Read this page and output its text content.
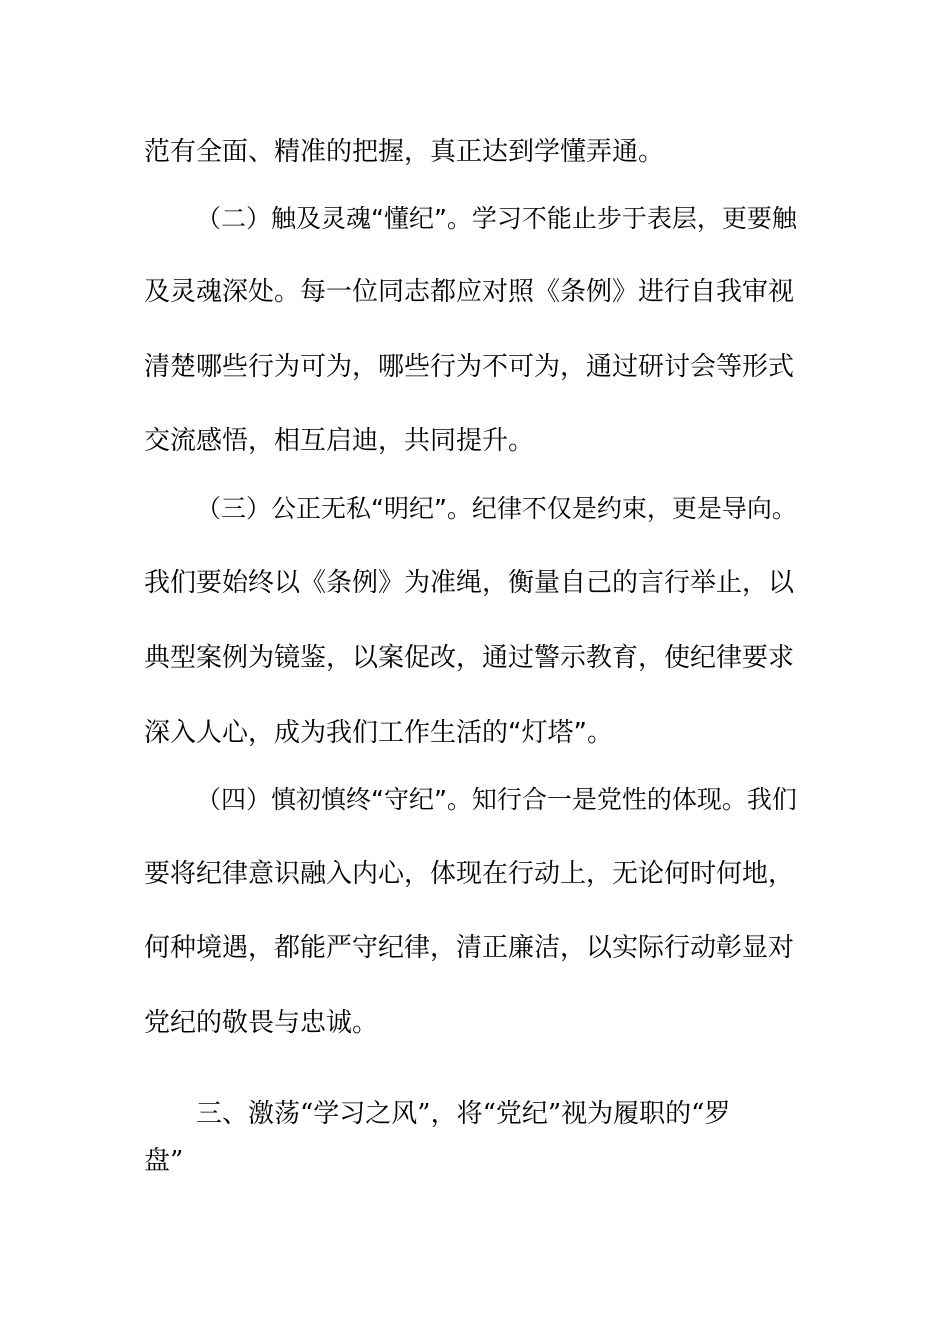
范有全面、精准的把握，真正达到学懂弄通。
（二）触及灵魂“懂纪”。学习不能止步于表层，更要触
及灵魂深处。每一位同志都应对照《条例》进行自我审视
清楚哪些行为可为，哪些行为不可为，通过研讨会等形式
交流感悟，相互启迪，共同提升。
（三）公正无私“明纪”。纪律不仅是约束，更是导向。
我们要始终以《条例》为准绳，衡量自己的言行举止，以
典型案例为镜鉴，以案促改，通过警示教育，使纪律要求
深入人心，成为我们工作生活的“灯塔”。
（四）慎初慎终“守纪”。知行合一是党性的体现。我们
要将纪律意识融入内心，体现在行动上，无论何时何地，
何种境遇，都能严守纪律，清正廉洁，以实际行动彰显对
党纪的敬畏与忠诚。
三、激荡“学习之风”，将“党纪”视为履职的“罗
盘”
